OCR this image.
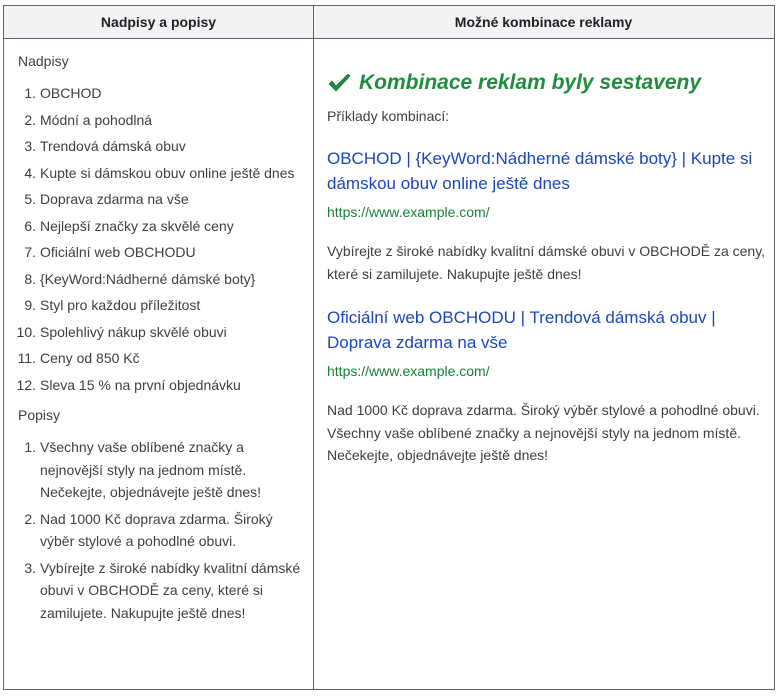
Nadpisy a popisy	Možné kombinace reklamy
Nadpisy
1. OBCHOD
2. Módní a pohodlná
3. Trendová dámská obuv
4. Kupte si dámskou obuv online ještě dnes
5. Doprava zdarma na vše
6. Nejlepší značky za skvělé ceny
7. Oficiální web OBCHODU
8. {KeyWord:Nádherné dámské boty}
9. Styl pro každou příležitost
10. Spolehlivý nákup skvělé obuvi
11. Ceny od 850 Kč
12. Sleva 15 % na první objednávku
Popisy
1. Všechny vaše oblíbené značky a nejnovější styly na jednom místě. Nečekejte, objednávejte ještě dnes!
2. Nad 1000 Kč doprava zdarma. Široký výběr stylové a pohodlné obuvi.
3. Vybírejte z široké nabídky kvalitní dámské obuvi v OBCHODĚ za ceny, které si zamilujete. Nakupujte ještě dnes!
Kombinace reklam byly sestaveny
Příklady kombinací:
OBCHOD | {KeyWord:Nádherné dámské boty} | Kupte si dámskou obuv online ještě dnes
https://www.example.com/
Vybírejte z široké nabídky kvalitní dámské obuvi v OBCHODĚ za ceny, které si zamilujete. Nakupujte ještě dnes!
Oficiální web OBCHODU | Trendová dámská obuv | Doprava zdarma na vše
https://www.example.com/
Nad 1000 Kč doprava zdarma. Široký výběr stylové a pohodlné obuvi. Všechny vaše oblíbené značky a nejnovější styly na jednom místě. Nečekejte, objednávejte ještě dnes!
